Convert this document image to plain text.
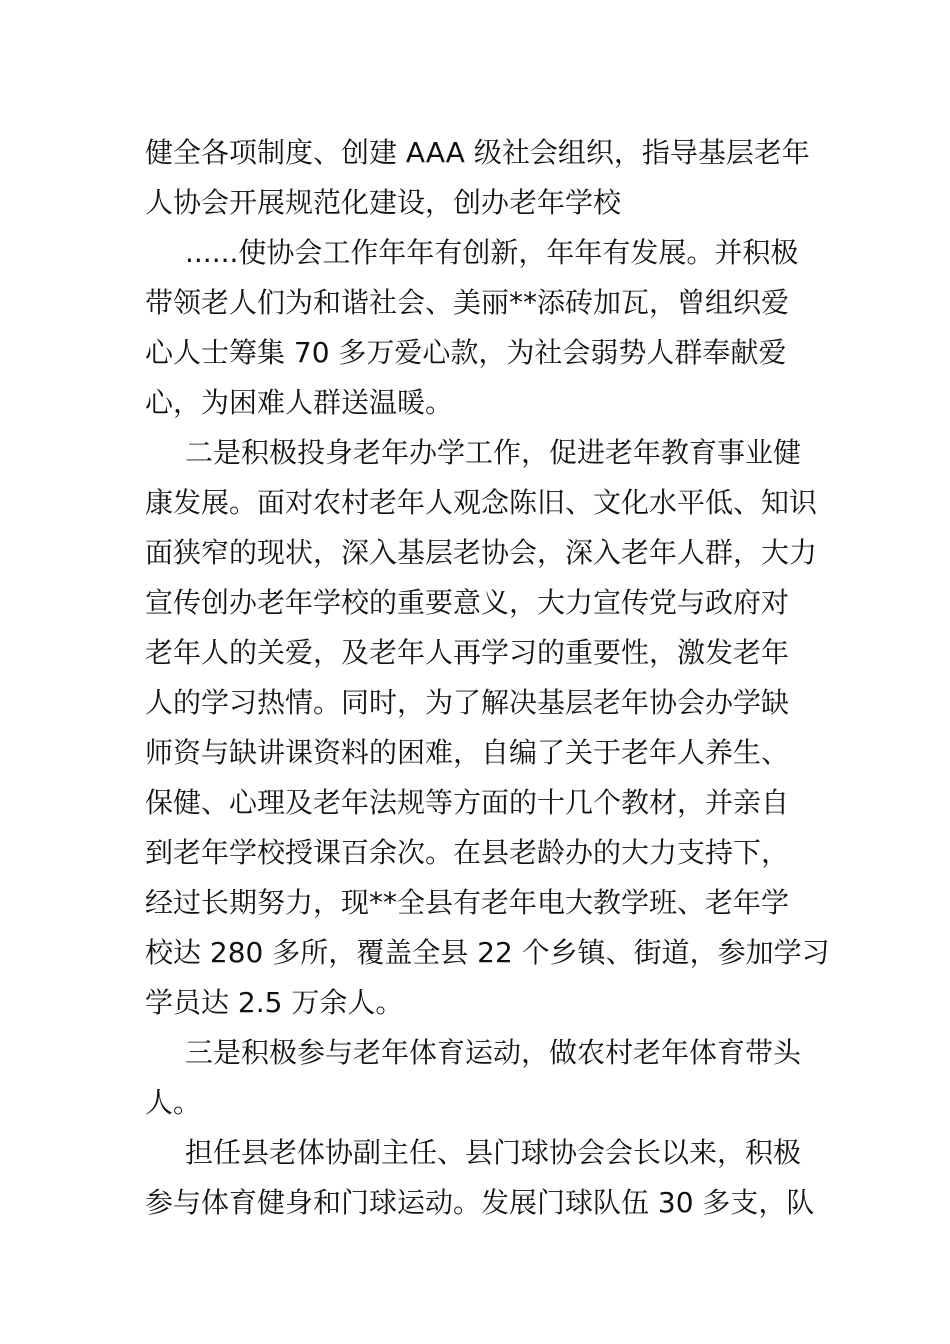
健全各项制度、创建 AAA 级社会组织，指导基层老年
人协会开展规范化建设，创办老年学校
......使协会工作年年有创新，年年有发展。并积极
带领老人们为和谐社会、美丽**添砖加瓦，曾组织爱
心人士筹集 70 多万爱心款，为社会弱势人群奉献爱
心，为困难人群送温暖。
二是积极投身老年办学工作，促进老年教育事业健
康发展。面对农村老年人观念陈旧、文化水平低、知识
面狭窄的现状，深入基层老协会，深入老年人群，大力
宣传创办老年学校的重要意义，大力宣传党与政府对
老年人的关爱，及老年人再学习的重要性，激发老年
人的学习热情。同时，为了解决基层老年协会办学缺
师资与缺讲课资料的困难，自编了关于老年人养生、
保健、心理及老年法规等方面的十几个教材，并亲自
到老年学校授课百余次。在县老龄办的大力支持下，
经过长期努力，现**全县有老年电大教学班、老年学
校达 280 多所，覆盖全县 22 个乡镇、街道，参加学习
学员达 2.5 万余人。
三是积极参与老年体育运动，做农村老年体育带头
人。
担任县老体协副主任、县门球协会会长以来，积极
参与体育健身和门球运动。发展门球队伍 30 多支，队
